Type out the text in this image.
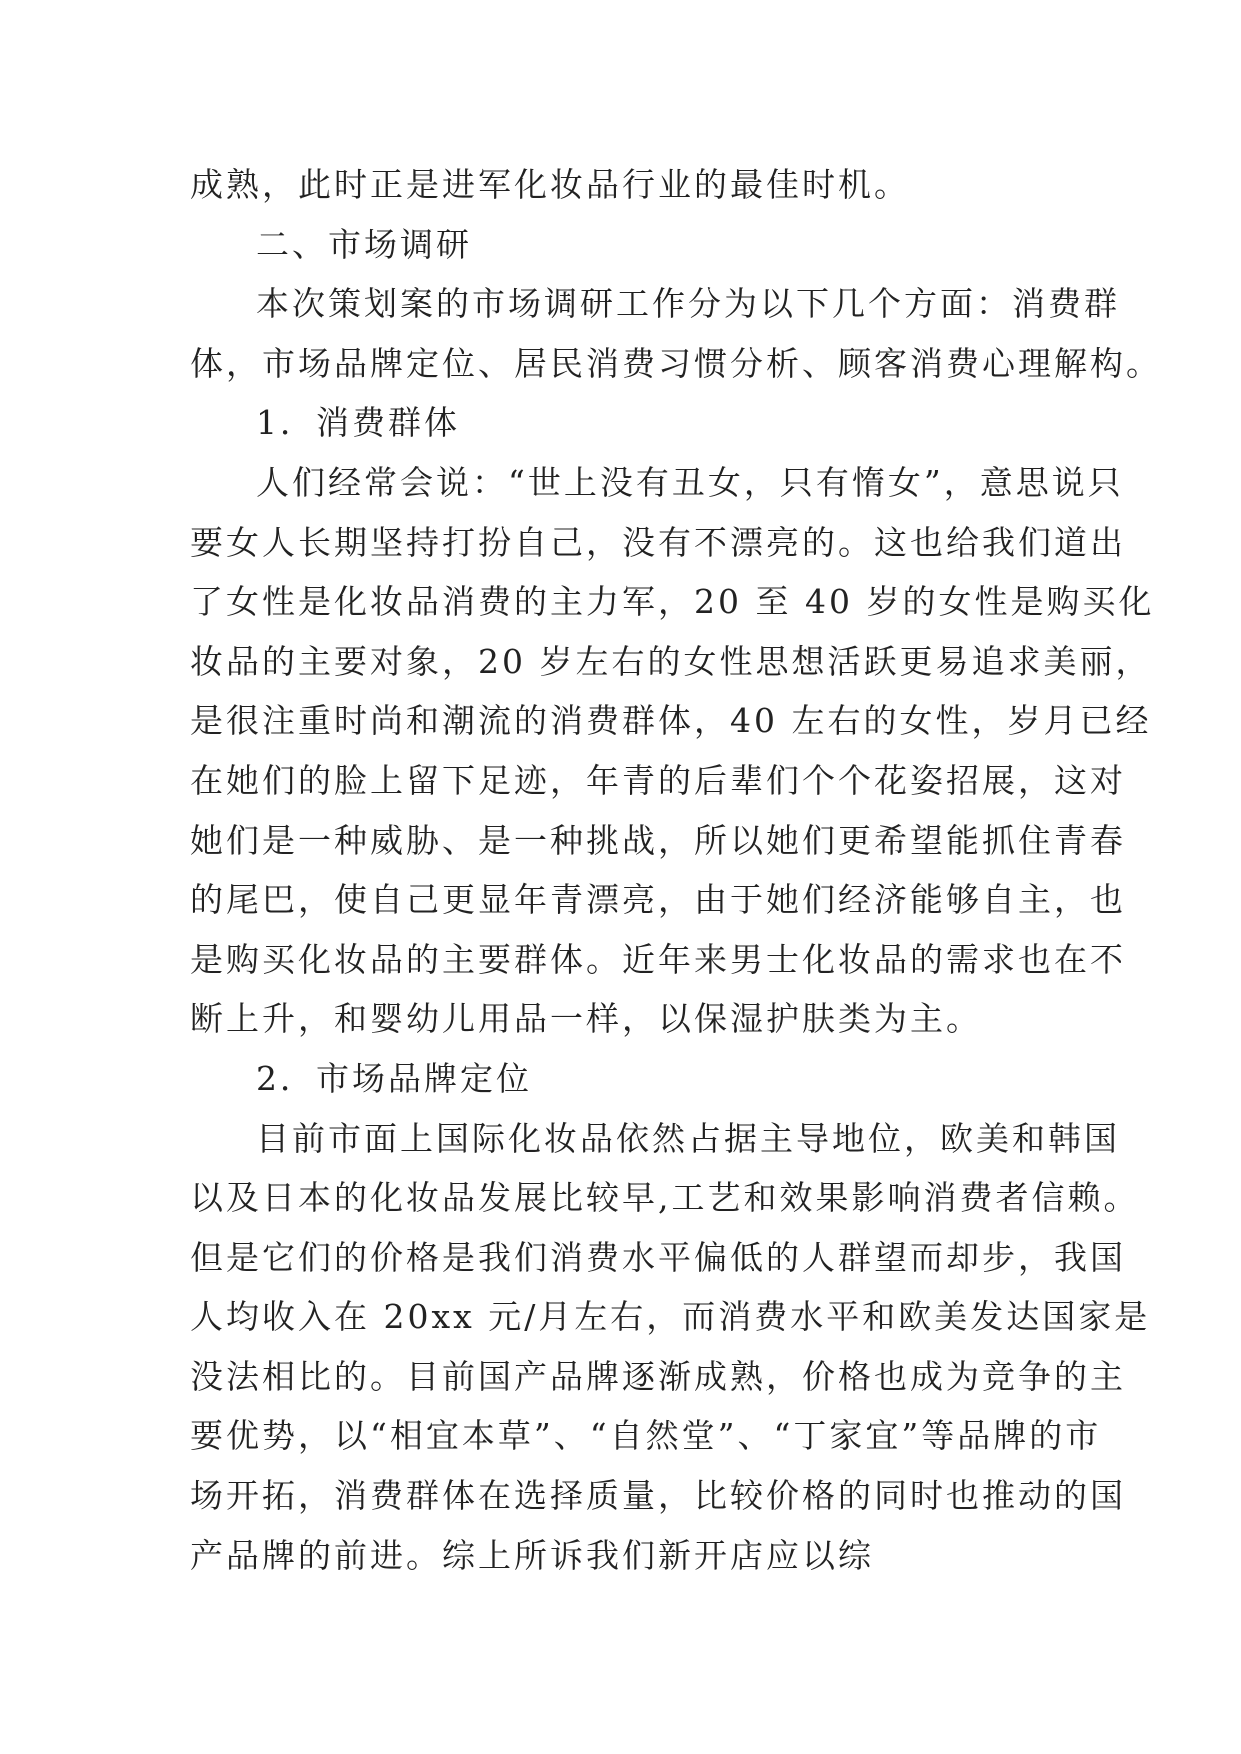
成熟，此时正是进军化妆品行业的最佳时机。
二、市场调研
本次策划案的市场调研工作分为以下几个方面：消费群
体，市场品牌定位、居民消费习惯分析、顾客消费心理解构。
1．消费群体
人们经常会说：“世上没有丑女，只有惰女”，意思说只
要女人长期坚持打扮自己，没有不漂亮的。这也给我们道出
了女性是化妆品消费的主力军，20 至 40 岁的女性是购买化
妆品的主要对象，20 岁左右的女性思想活跃更易追求美丽，
是很注重时尚和潮流的消费群体，40 左右的女性，岁月已经
在她们的脸上留下足迹，年青的后辈们个个花姿招展，这对
她们是一种威胁、是一种挑战，所以她们更希望能抓住青春
的尾巴，使自己更显年青漂亮，由于她们经济能够自主，也
是购买化妆品的主要群体。近年来男士化妆品的需求也在不
断上升，和婴幼儿用品一样，以保湿护肤类为主。
2．市场品牌定位
目前市面上国际化妆品依然占据主导地位，欧美和韩国
以及日本的化妆品发展比较早,工艺和效果影响消费者信赖。
但是它们的价格是我们消费水平偏低的人群望而却步，我国
人均收入在 20xx 元/月左右，而消费水平和欧美发达国家是
没法相比的。目前国产品牌逐渐成熟，价格也成为竞争的主
要优势，以“相宜本草”、“自然堂”、“丁家宜”等品牌的市
场开拓，消费群体在选择质量，比较价格的同时也推动的国
产品牌的前进。综上所诉我们新开店应以综
